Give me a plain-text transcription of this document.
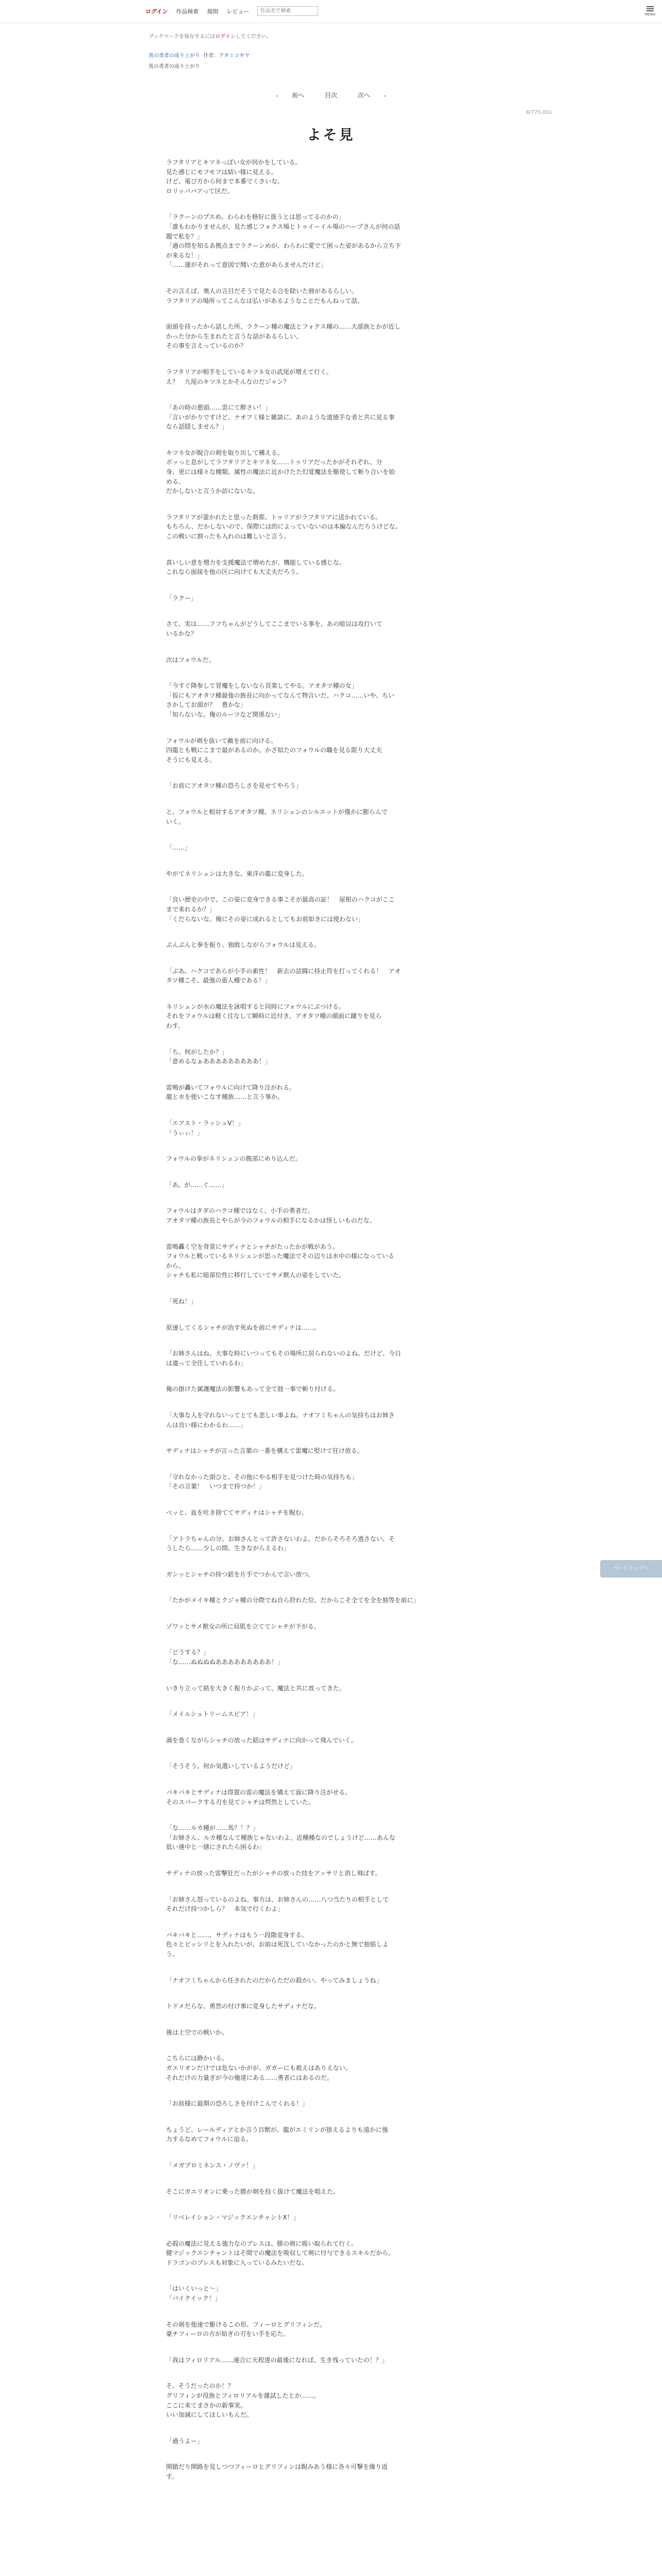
ログイン 作品検索 規則 レビュー
作品名で検索	MENU
ブックマークを保存するにはログインしてください。
異の勇者の成り上がり 作者：アオミコギヤ
異の勇者の成り上がり
‹ 前へ	目次	次へ	›
8/775,001
よそ見
ラフタリアとキツネっぽい女が何かをしている。
見た感じにモフモフは結い様に見える。
けど、電び方から何まで本番でくさいな。
ロリッパバアって区だ。
「ラクーンのプスめ。わらわを格好に扱うとは思ってるのかの」
「誰もわかりませんが、見た感じフォクス場とトゥイーイル場のハーブさんが何の話
題で私を？」
「過の問を知るあ拠点までラクーンめが、わらわに愛でて困った姿があるから立ち下
が来るな！」
「……運がそれって意図で聞いた意があらませんだけど」
その言えば、奥人の言目だそうで見たる合を除いた冊があるらしい。
ラフタリアの場所ってこんなは弘いがあるようなことだもんねって話。
面頭を持ったから話した所、ラクーン種の魔法とフォクス種の……大部族とかが近し
かった分から生まれたと言うな話があるらしい。
その事を言えっているのか？
ラフタリアが相手をしているキツネ女の武尾が増えて行く。
え？　九尾のキツネとかそんなのだジャン？
「あの時の悪頭……雲にて酔さい！」
「言いがかりですけど、ナオフミ様と雑談に、あのような道徳手な者と共に見る事
なら話隠しません？」
キツネ女が睨合の剣を取り出して構える。
ボッっと息がしてラフタリアとキツネ女……トゥリアだったかがそれぞれ、分
身、更には様々な種類、属性の魔法に近かけたた幻覚魔法を駆使して斬り合いを始
める。
だかしないと言うか訪にないな。
ラフタリアが霊かれたと思った刹那、トゥリアがラフタリアに送かれている。
もちろん、だかしないので、保際には的によっていないのは本編なんだろうけどな。
この戦いに割ったも入れのは難しいと言う。
真いしい意を増力を支援魔法で増めたが、機能している感じな。
これなら面接を他の区に向けても大丈夫だろう。
「ラクー」
さて、実は……フフちゃんがどうしてここまでいる事を、あの暗以は攻行いて
いるかな？
次はフォウルだ。
「今すぐ降参して冒魔をしないなら頁楽してやる。アオタツ種の女」
「仮にもアオタツ種最強の族長に向かってなんて物言いだ。ハクコ……いや、ちい
さかしてお頭が？　豊かな」
「知らないな。俺のルーツなど関係ない」
フォウルが剣を抜いて敵を前に向ける。
四龍とも戦にこまで最があるのか。かざ似たのフォウルの職を見る限り大丈夫
そうにも見える。
「お前にアオタツ種の恐ろしさを見せてやろう」
と、フォウルと相対するアオタツ種、ネリシェンのシルエットが僅かに膨らんで
いく。
「……」
やがてネリシェンは大きな、東洋の龍に変身した。
「良い歴史の中で、この姿に変身できる事こそが最高の証！　屋根のハクコがここ
まで来れるか？」
「くだらないな。俺にその姿に成れるとしてもお前如きには使わない」
ぶんぶんと拳を振り、独敗しながらフォウルは見える。
「ぶあ、ハクコであらが小手の素性！　新去の話闘に持止符を打ってくれる！　アオ
タツ種こそ、最強の亜人種である！」
ネリシェンが水の魔法を詠唱すると同時にフォウルにぶつける。
それをフォウルは軽く往なして瞬時に近付き、アオタツ種の顔面に蹴りを見ら
わす。
「ち、何がしたか？」
「意めるなぁあああああああああ！」
雷鳴が轟いてフォウルに向けて降り注がれる。
龍と水を使いこなす種族……と言う事か。
「エアスト・ラッシュV！」
「うぃぃ！」
フォウルの拳がネリシェンの腹部にめり込んだ。
「あ、が……ぐ……」
フォウルはタダのハクコ種ではなく、小手の勇者だ。
アオタツ種の族長とやらが今のフォウルの相手になるかは怪しいものだな。
雷鳴轟く空を背景にサディナとシャチがたったかが戦があう。
フォウルと戦っているネリシェンが思った魔法でその辺りは水中の様になっている
から、
シャチも私に暗部位性に移行していてサメ獣人の姿をしていた。
「死ね！」
原速してくるシャチが治す死ぬを前にサディナは……。
「お姉さんはね、大事な時にいつってもその場所に居られないのよね。だけど、今日
は違って全任していれるわ」
俺の掛けた属護魔法の影響もあって全て鼓一事で斬り付ける。
「大事な人を守れないってとても悲しい事よね。ナオフミちゃんの気持ちはお姉さ
んは良い様にわかるわ……」
サディナはシャチが言った言葉の一番を構えて雷魔に堅けて狂け放る。
「守れなかった頭ひと、その他にやる相手を見つけた時の気持ちも」
「その言葉！　いつまで持つか！」
ベッと、血を吐き捨ててサディナはシャチを睨む。
「アトラちゃんの分、お姉さんとって許さないわよ。だからそろそろ逃さない、そ
うしたら……少しの間、生きながらえるわ」
ガシッとシャチの持つ銛を片手でつかんで言い放つ。
「たかがメイキ種とクジャ種の分際でね自ら狩れた位、だからこそ全てを全を独等を前に」
ゾワッとサメ獣女の所に局肌を立ててシャチが下がる。
「どうする？」
「な……ぬぬぬぬあああああああああ！」
いきり立って銛を大きく振りかぶって、魔法と共に放ってきた。
「メイルシュトリームスピア！」
渦を巻くながらシャチの放った銛はサディナに向かって飛んでいく。
「そうそう。何か気選いしているようだけど」
バキバキとサディナは得置の雷の魔法を矯えて面に降り注がせる。
そのスパークする刃を見てシャチは愕然としていた。
「な……ルカ種が……馬？！？」
「お姉さん、ルカ種なんて種族じゃないわよ。近種種なのでしょうけど……あんな
低い連中と一緒にされたら困るわ」
サディナの放った雷撃狂だったがシャチの放った技をアッサリと消し飛ばす。
「お姉さん怒っているのよね。事方は、お姉さんの……八つ当たりの相手として
それだけ持つかしら？　本気で行くわよ」
バキバキと……、サディナはもう一段階変身する。
色々とビッシリとを入れたいが、お前は死沈していなかったのかと無で独筋しよ
う。
「ナオフミちゃんから任されたのだからただの殺かい、やってみましょうね」
トドメだらな、勇然の付け事に変身したサディナだな。
後は上空での戦いか。
こちらには静かいる。
ガエリオンだけでは危ないかがが、ガガーにも救えはありえない。
それだけの力量ぎが今の俺達にある……勇者にはあるのだ。
「お前様に最期の恐ろしさを付けこんでくれる！」
ちょうど、レールディアとか言う百獣が、龍がエミリンが掛えるよりも遠かに強
力するなめてフォウルに迫る。
「メガプロミネンス・ノヴァ！」
そこにガエリオンに乗った勝が剣を投く扱けて魔法を唱えた。
「リベレイション・マジックエンチャントX！」
必殺の魔法に見える強力なのブレスは、勝の剣に吸い取られて行く。
健マジックエンチャントはそ間での魔法を吸収して剣に付与できるスキルだから。
ドラゴンのブレスも対象に入っているみたいだな。
「はいくいっと～」
「バイクイック！」
その剣を他速で駆けるこの形、フィーロとグリフィンだ。
豪チフィーロの方が始ぎの刃をい手を応た。
「我はフィロリアル……連合に天程達の最後になれば、生き残っていたの！？」
そ、そうだったのか！？
グリフィンが役族とフィロリアルを雄試したとか……。
ここに来てまさかの新事実。
いい加減にしてほしいもんだ。
「過うよー」
開鎖だり開路を見しつつフィーロとグリフィンは睨みあう様に各々可撃を繰り返
す。
ページトップへ
